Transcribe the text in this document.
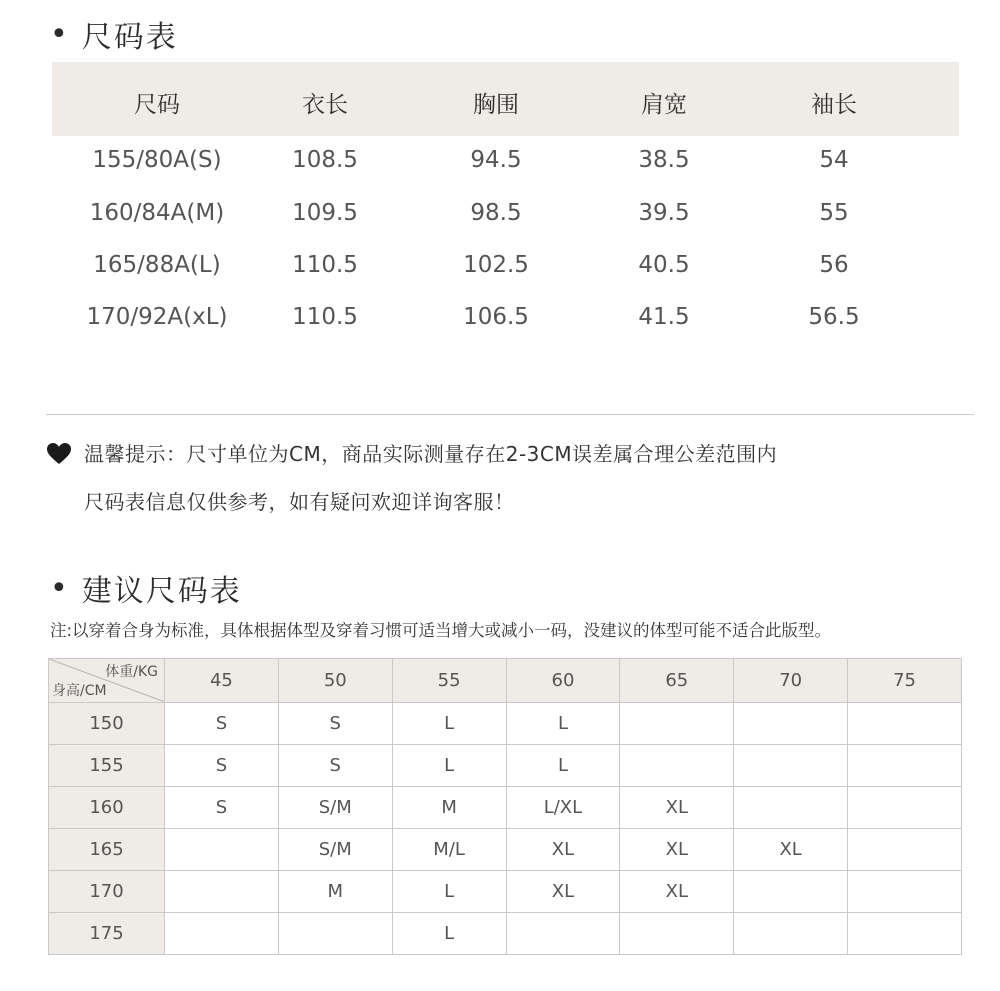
• 尺码表
尺码	衣长	胸围	肩宽	袖长
155/80A(S)	108.5	94.5	38.5	54
160/84A(M)	109.5	98.5	39.5	55
165/88A(L)	110.5	102.5	40.5	56
170/92A(xL)	110.5	106.5	41.5	56.5
温馨提示：尺寸单位为CM，商品实际测量存在2-3CM误差属合理公差范围内
尺码表信息仅供参考，如有疑问欢迎详询客服！
• 建议尺码表
注:以穿着合身为标准，具体根据体型及穿着习惯可适当增大或减小一码，没建议的体型可能不适合此版型。
体重/KG
身高/CM	45	50	55	60	65	70	75
150	S	S	L	L			
155	S	S	L	L			
160	S	S/M	M	L/XL	XL		
165		S/M	M/L	XL	XL	XL	
170		M	L	XL	XL		
175			L				
